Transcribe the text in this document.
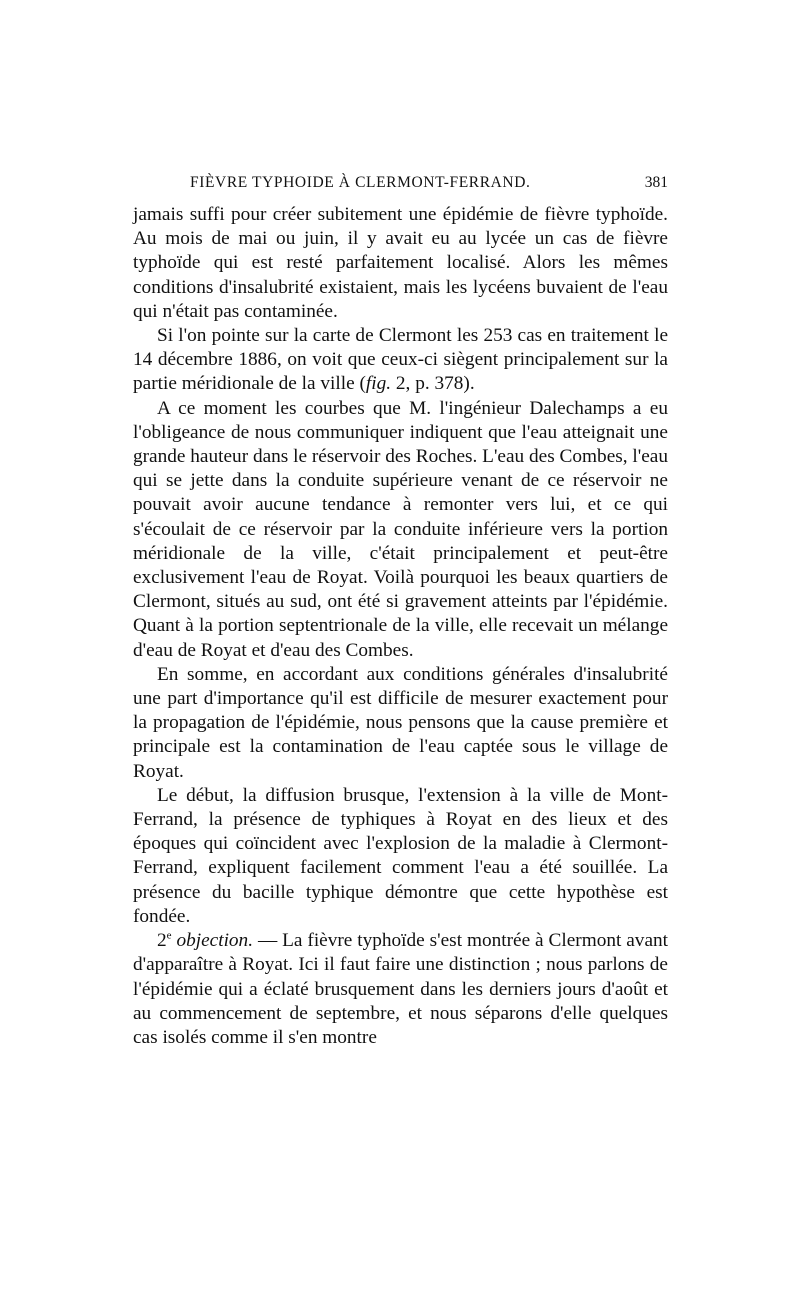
FIÈVRE TYPHOIDE À CLERMONT-FERRAND.	381

jamais suffi pour créer subitement une épidémie de fièvre typhoïde. Au mois de mai ou juin, il y avait eu au lycée un cas de fièvre typhoïde qui est resté parfaitement localisé. Alors les mêmes conditions d'insalubrité existaient, mais les lycéens buvaient de l'eau qui n'était pas contaminée.

Si l'on pointe sur la carte de Clermont les 253 cas en traitement le 14 décembre 1886, on voit que ceux-ci siègent principalement sur la partie méridionale de la ville (fig. 2, p. 378).

A ce moment les courbes que M. l'ingénieur Dalechamps a eu l'obligeance de nous communiquer indiquent que l'eau atteignait une grande hauteur dans le réservoir des Roches. L'eau des Combes, l'eau qui se jette dans la conduite supérieure venant de ce réservoir ne pouvait avoir aucune tendance à remonter vers lui, et ce qui s'écoulait de ce réservoir par la conduite inférieure vers la portion méridionale de la ville, c'était principalement et peut-être exclusivement l'eau de Royat. Voilà pourquoi les beaux quartiers de Clermont, situés au sud, ont été si gravement atteints par l'épidémie. Quant à la portion septentrionale de la ville, elle recevait un mélange d'eau de Royat et d'eau des Combes.

En somme, en accordant aux conditions générales d'insalubrité une part d'importance qu'il est difficile de mesurer exactement pour la propagation de l'épidémie, nous pensons que la cause première et principale est la contamination de l'eau captée sous le village de Royat.

Le début, la diffusion brusque, l'extension à la ville de Mont-Ferrand, la présence de typhiques à Royat en des lieux et des époques qui coïncident avec l'explosion de la maladie à Clermont-Ferrand, expliquent facilement comment l'eau a été souillée. La présence du bacille typhique démontre que cette hypothèse est fondée.

2e objection. — La fièvre typhoïde s'est montrée à Clermont avant d'apparaître à Royat. Ici il faut faire une distinction ; nous parlons de l'épidémie qui a éclaté brusquement dans les derniers jours d'août et au commencement de septembre, et nous séparons d'elle quelques cas isolés comme il s'en montre
